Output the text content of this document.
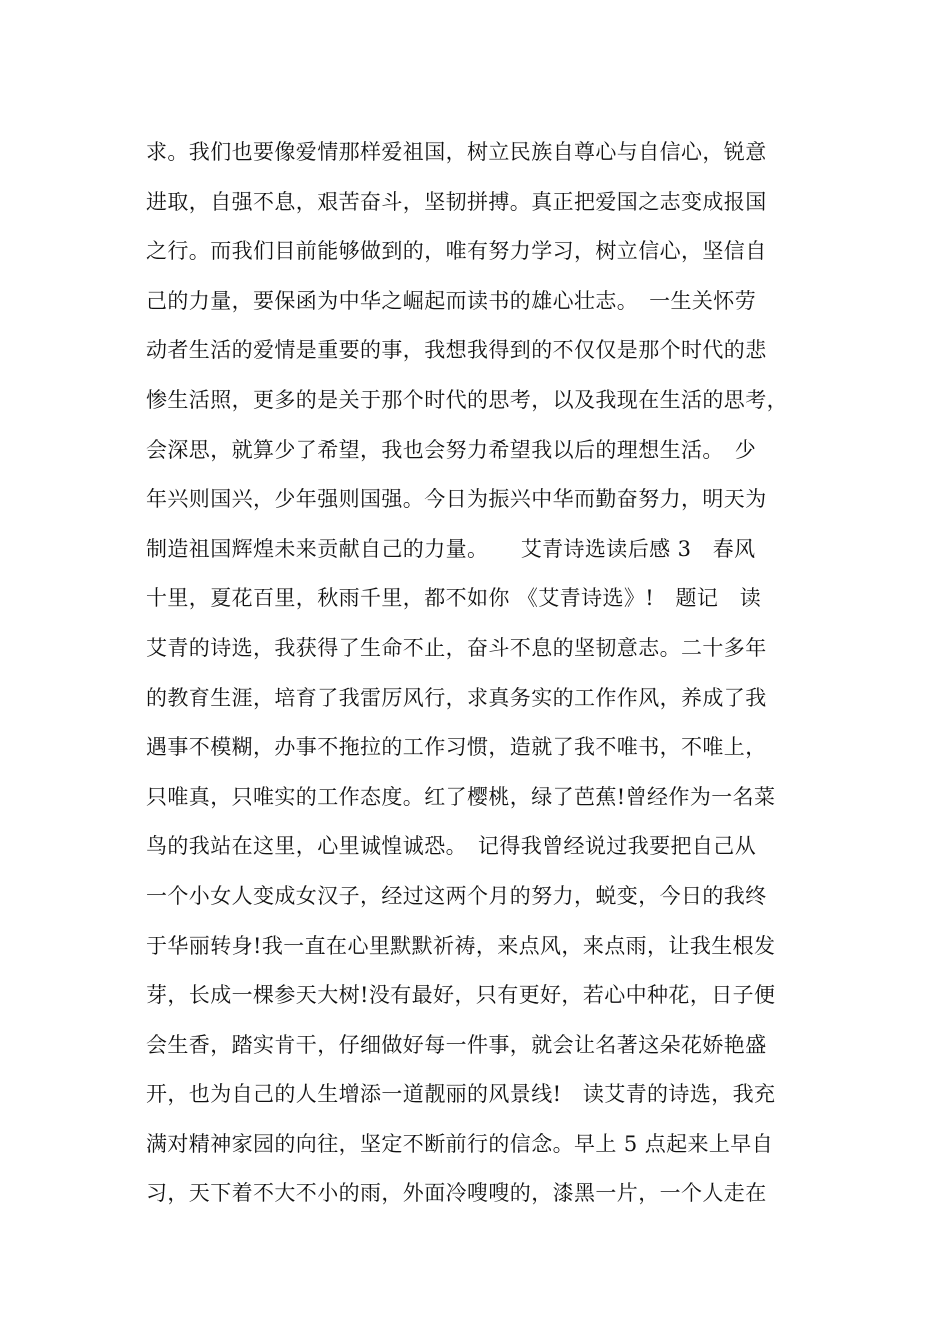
求。我们也要像爱情那样爱祖国，树立民族自尊心与自信心，锐意
进取，自强不息，艰苦奋斗，坚韧拼搏。真正把爱国之志变成报国
之行。而我们目前能够做到的，唯有努力学习，树立信心，坚信自
己的力量，要保函为中华之崛起而读书的雄心壮志。　一生关怀劳
动者生活的爱情是重要的事，我想我得到的不仅仅是那个时代的悲
惨生活照，更多的是关于那个时代的思考，以及我现在生活的思考，
会深思，就算少了希望，我也会努力希望我以后的理想生活。　少
年兴则国兴，少年强则国强。今日为振兴中华而勤奋努力，明天为
制造祖国辉煌未来贡献自己的力量。　　艾青诗选读后感 3　春风
十里，夏花百里，秋雨千里，都不如你 《艾青诗选》!　题记　读
艾青的诗选，我获得了生命不止，奋斗不息的坚韧意志。二十多年
的教育生涯，培育了我雷厉风行，求真务实的工作作风，养成了我
遇事不模糊，办事不拖拉的工作习惯，造就了我不唯书，不唯上，
只唯真，只唯实的工作态度。红了樱桃，绿了芭蕉!曾经作为一名菜
鸟的我站在这里，心里诚惶诚恐。　记得我曾经说过我要把自己从
一个小女人变成女汉子，经过这两个月的努力，蜕变，今日的我终
于华丽转身!我一直在心里默默祈祷，来点风，来点雨，让我生根发
芽，长成一棵参天大树!没有最好，只有更好，若心中种花，日子便
会生香，踏实肯干，仔细做好每一件事，就会让名著这朵花娇艳盛
开，也为自己的人生增添一道靓丽的风景线!　读艾青的诗选，我充
满对精神家园的向往，坚定不断前行的信念。早上 5 点起来上早自
习，天下着不大不小的雨，外面冷嗖嗖的，漆黑一片，一个人走在
